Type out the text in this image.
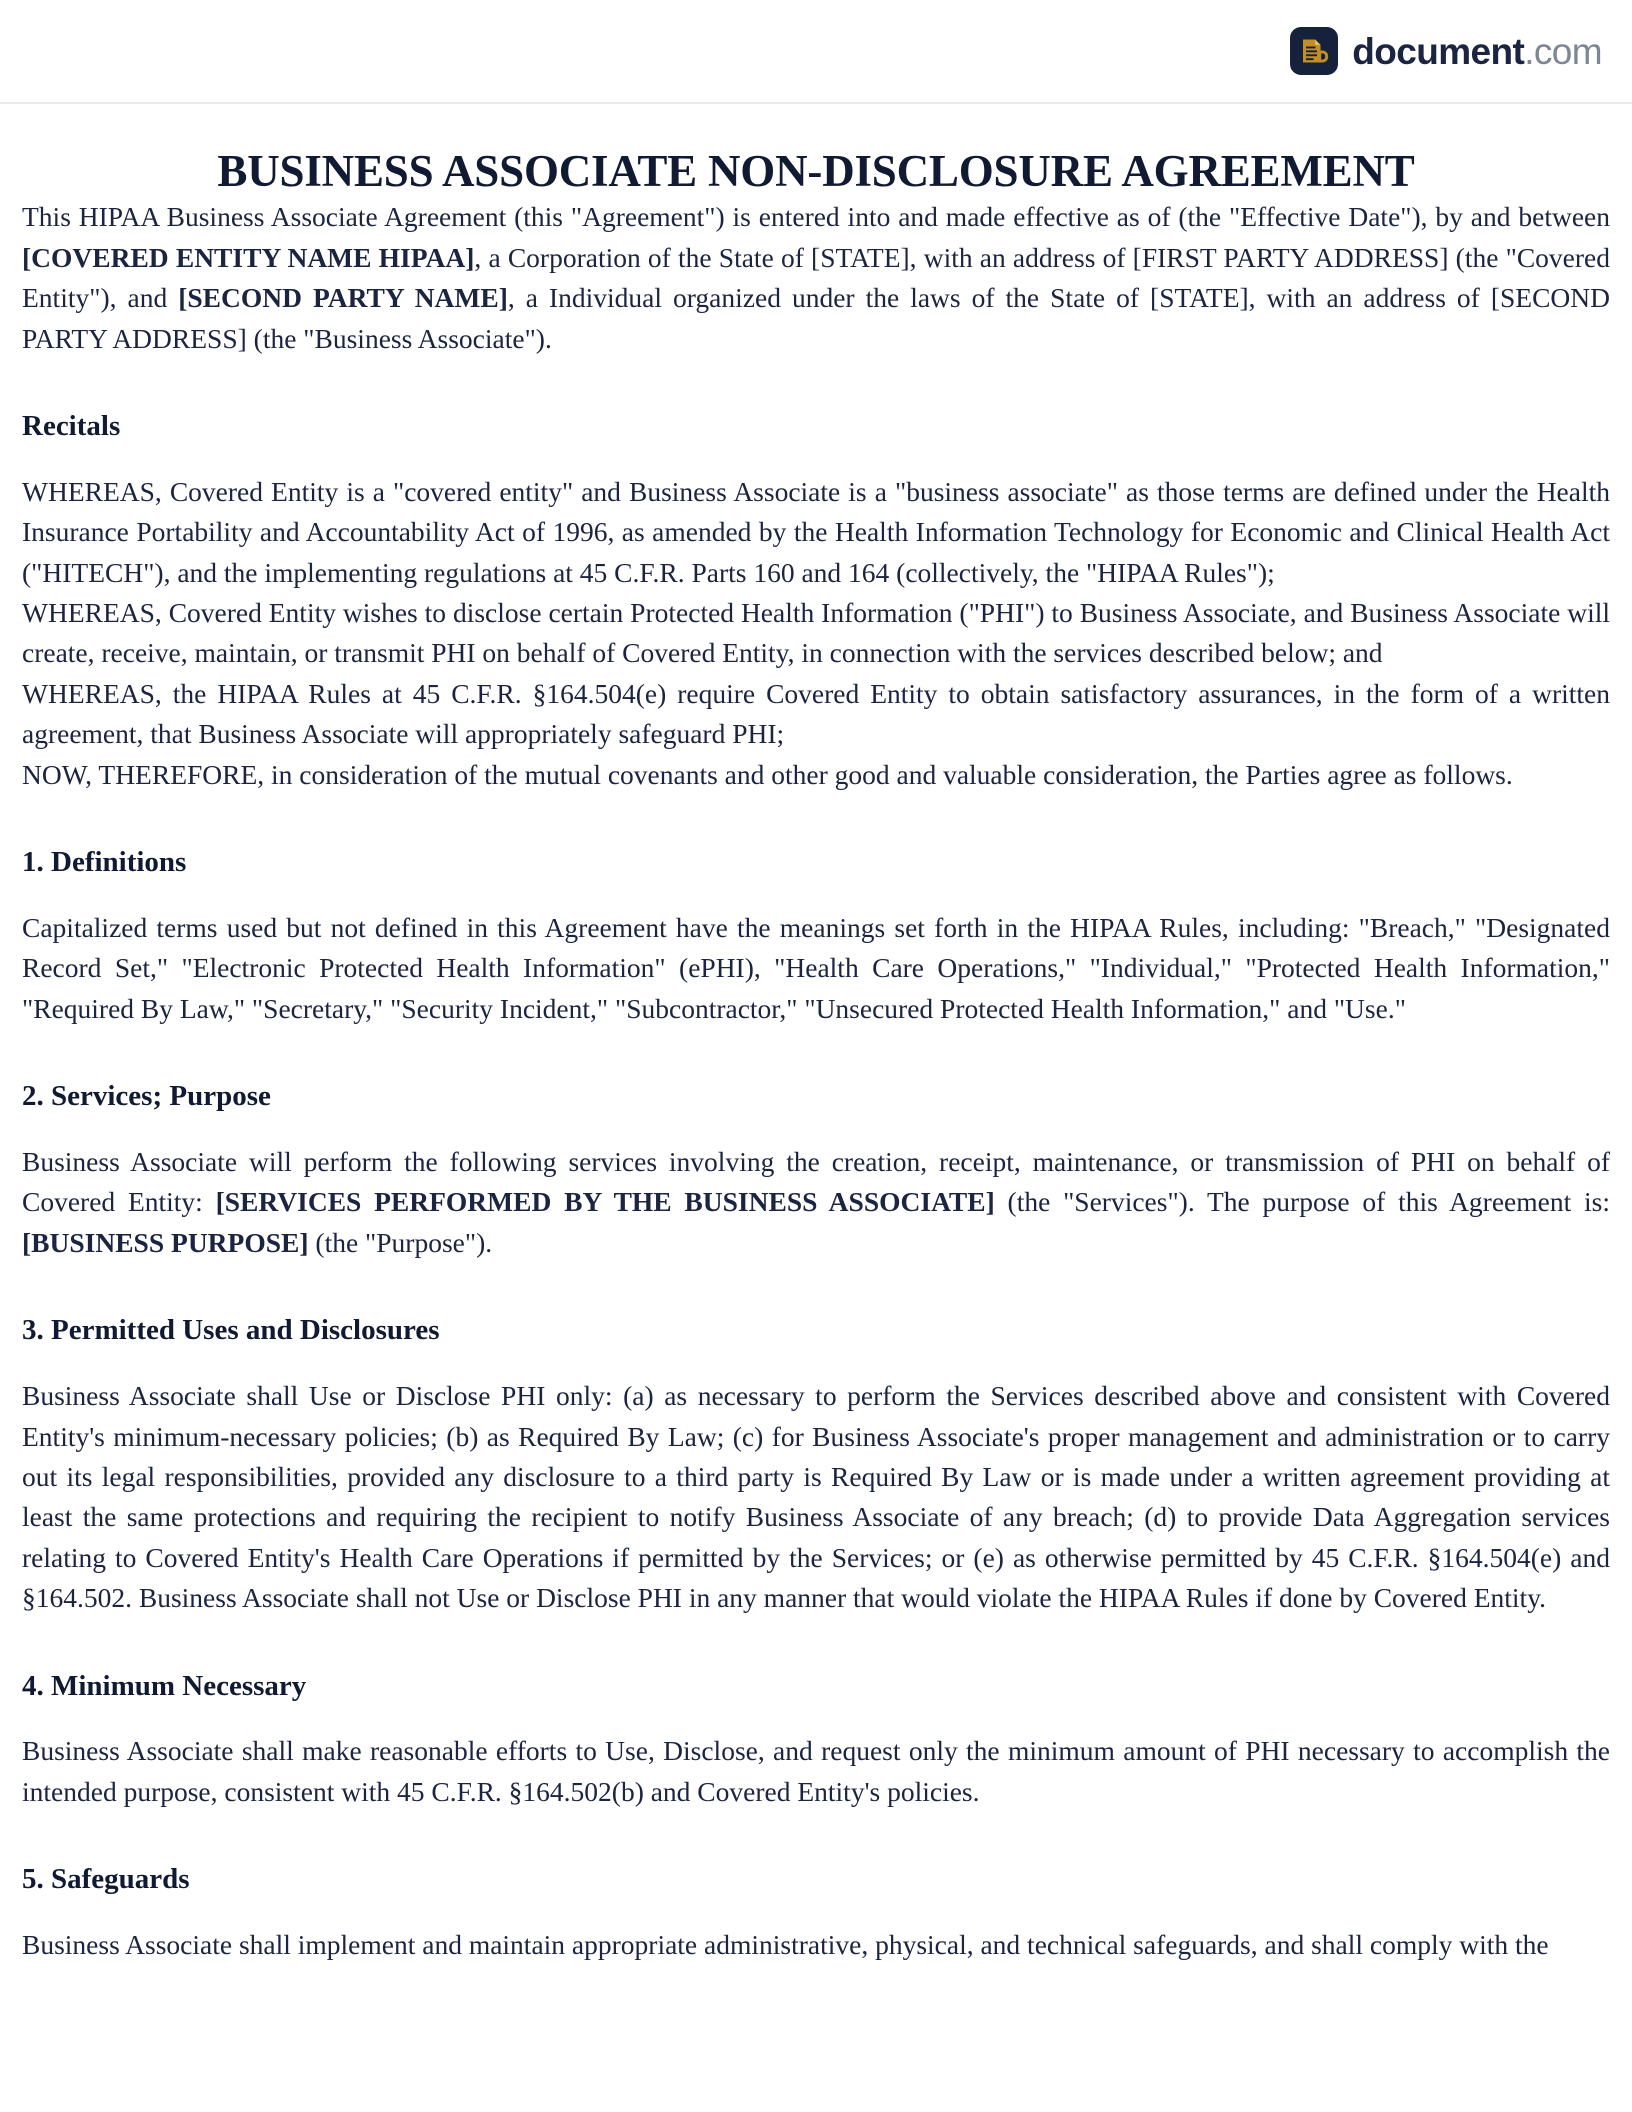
document.com
BUSINESS ASSOCIATE NON-DISCLOSURE AGREEMENT

This HIPAA Business Associate Agreement (this "Agreement") is entered into and made effective as of (the "Effective Date"), by and between [COVERED ENTITY NAME HIPAA], a Corporation of the State of [STATE], with an address of [FIRST PARTY ADDRESS] (the "Covered Entity"), and [SECOND PARTY NAME], a Individual organized under the laws of the State of [STATE], with an address of [SECOND PARTY ADDRESS] (the "Business Associate").

Recitals

WHEREAS, Covered Entity is a "covered entity" and Business Associate is a "business associate" as those terms are defined under the Health Insurance Portability and Accountability Act of 1996, as amended by the Health Information Technology for Economic and Clinical Health Act ("HITECH"), and the implementing regulations at 45 C.F.R. Parts 160 and 164 (collectively, the "HIPAA Rules");

WHEREAS, Covered Entity wishes to disclose certain Protected Health Information ("PHI") to Business Associate, and Business Associate will create, receive, maintain, or transmit PHI on behalf of Covered Entity, in connection with the services described below; and

WHEREAS, the HIPAA Rules at 45 C.F.R. §164.504(e) require Covered Entity to obtain satisfactory assurances, in the form of a written agreement, that Business Associate will appropriately safeguard PHI;

NOW, THEREFORE, in consideration of the mutual covenants and other good and valuable consideration, the Parties agree as follows.

1. Definitions

Capitalized terms used but not defined in this Agreement have the meanings set forth in the HIPAA Rules, including: "Breach," "Designated Record Set," "Electronic Protected Health Information" (ePHI), "Health Care Operations," "Individual," "Protected Health Information," "Required By Law," "Secretary," "Security Incident," "Subcontractor," "Unsecured Protected Health Information," and "Use."

2. Services; Purpose

Business Associate will perform the following services involving the creation, receipt, maintenance, or transmission of PHI on behalf of Covered Entity: [SERVICES PERFORMED BY THE BUSINESS ASSOCIATE] (the "Services"). The purpose of this Agreement is: [BUSINESS PURPOSE] (the "Purpose").

3. Permitted Uses and Disclosures

Business Associate shall Use or Disclose PHI only: (a) as necessary to perform the Services described above and consistent with Covered Entity's minimum-necessary policies; (b) as Required By Law; (c) for Business Associate's proper management and administration or to carry out its legal responsibilities, provided any disclosure to a third party is Required By Law or is made under a written agreement providing at least the same protections and requiring the recipient to notify Business Associate of any breach; (d) to provide Data Aggregation services relating to Covered Entity's Health Care Operations if permitted by the Services; or (e) as otherwise permitted by 45 C.F.R. §164.504(e) and §164.502. Business Associate shall not Use or Disclose PHI in any manner that would violate the HIPAA Rules if done by Covered Entity.

4. Minimum Necessary

Business Associate shall make reasonable efforts to Use, Disclose, and request only the minimum amount of PHI necessary to accomplish the intended purpose, consistent with 45 C.F.R. §164.502(b) and Covered Entity's policies.

5. Safeguards

Business Associate shall implement and maintain appropriate administrative, physical, and technical safeguards, and shall comply with the
